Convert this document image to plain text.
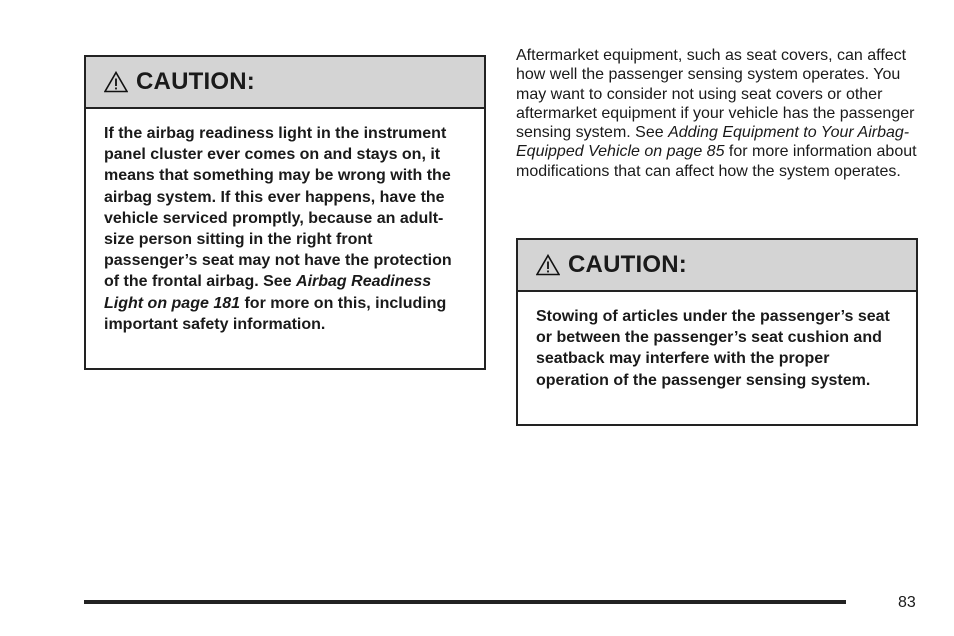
CAUTION:
If the airbag readiness light in the instrument panel cluster ever comes on and stays on, it means that something may be wrong with the airbag system. If this ever happens, have the vehicle serviced promptly, because an adult-size person sitting in the right front passenger’s seat may not have the protection of the frontal airbag. See Airbag Readiness Light on page 181 for more on this, including important safety information.
Aftermarket equipment, such as seat covers, can affect how well the passenger sensing system operates. You may want to consider not using seat covers or other aftermarket equipment if your vehicle has the passenger sensing system. See Adding Equipment to Your Airbag-Equipped Vehicle on page 85 for more information about modifications that can affect how the system operates.
CAUTION:
Stowing of articles under the passenger’s seat or between the passenger’s seat cushion and seatback may interfere with the proper operation of the passenger sensing system.
83
